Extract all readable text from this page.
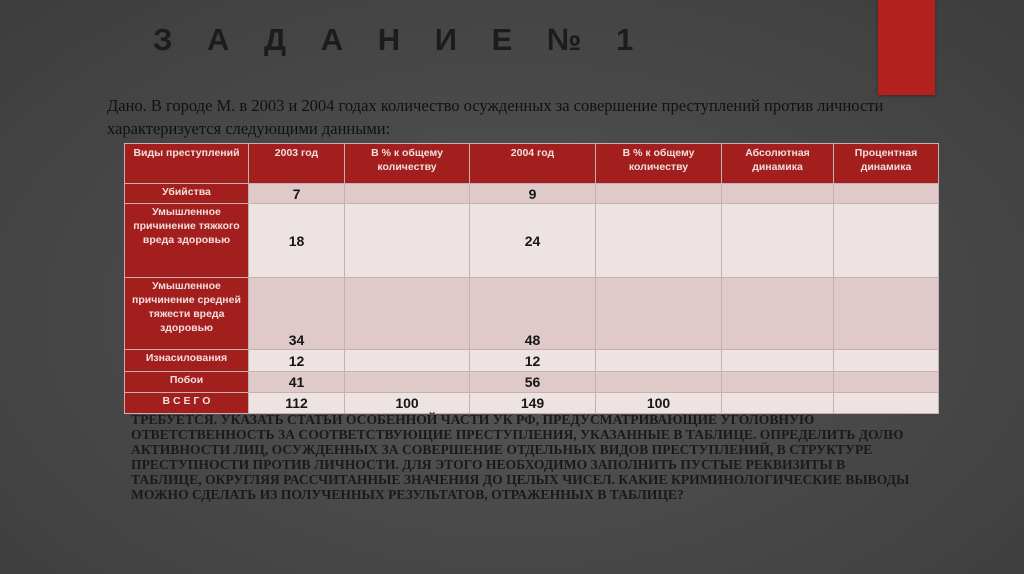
З А Д А Н И Е № 1
Дано. В городе М. в 2003 и 2004 годах количество осужденных за совершение преступлений против личности характеризуется следующими данными:
Виды преступлений	2003 год	В % к общему количеству	2004 год	В % к общему количеству	Абсолютная динамика	Процентная динамика
Убийства	7		9			
Умышленное причинение тяжкого вреда здоровью	18		24			
Умышленное причинение средней тяжести вреда здоровью	34		48			
Изнасилования	12		12			
Побои	41		56			
В С Е Г О	112	100	149	100		
ТРЕБУЕТСЯ. УКАЗАТЬ СТАТЬИ ОСОБЕННОЙ ЧАСТИ УК РФ, ПРЕДУСМАТРИВАЮЩИЕ УГОЛОВНУЮ ОТВЕТСТВЕННОСТЬ ЗА СООТВЕТСТВУЮЩИЕ ПРЕСТУПЛЕНИЯ, УКАЗАННЫЕ В ТАБЛИЦЕ. ОПРЕДЕЛИТЬ ДОЛЮ АКТИВНОСТИ ЛИЦ, ОСУЖДЕННЫХ ЗА СОВЕРШЕНИЕ ОТДЕЛЬНЫХ ВИДОВ ПРЕСТУПЛЕНИЙ, В СТРУКТУРЕ ПРЕСТУПНОСТИ ПРОТИВ ЛИЧНОСТИ. ДЛЯ ЭТОГО НЕОБХОДИМО ЗАПОЛНИТЬ ПУСТЫЕ РЕКВИЗИТЫ В ТАБЛИЦЕ, ОКРУГЛЯЯ РАССЧИТАННЫЕ ЗНАЧЕНИЯ ДО ЦЕЛЫХ ЧИСЕЛ. КАКИЕ КРИМИНОЛОГИЧЕСКИЕ ВЫВОДЫ МОЖНО СДЕЛАТЬ ИЗ ПОЛУЧЕННЫХ РЕЗУЛЬТАТОВ, ОТРАЖЕННЫХ В ТАБЛИЦЕ?
